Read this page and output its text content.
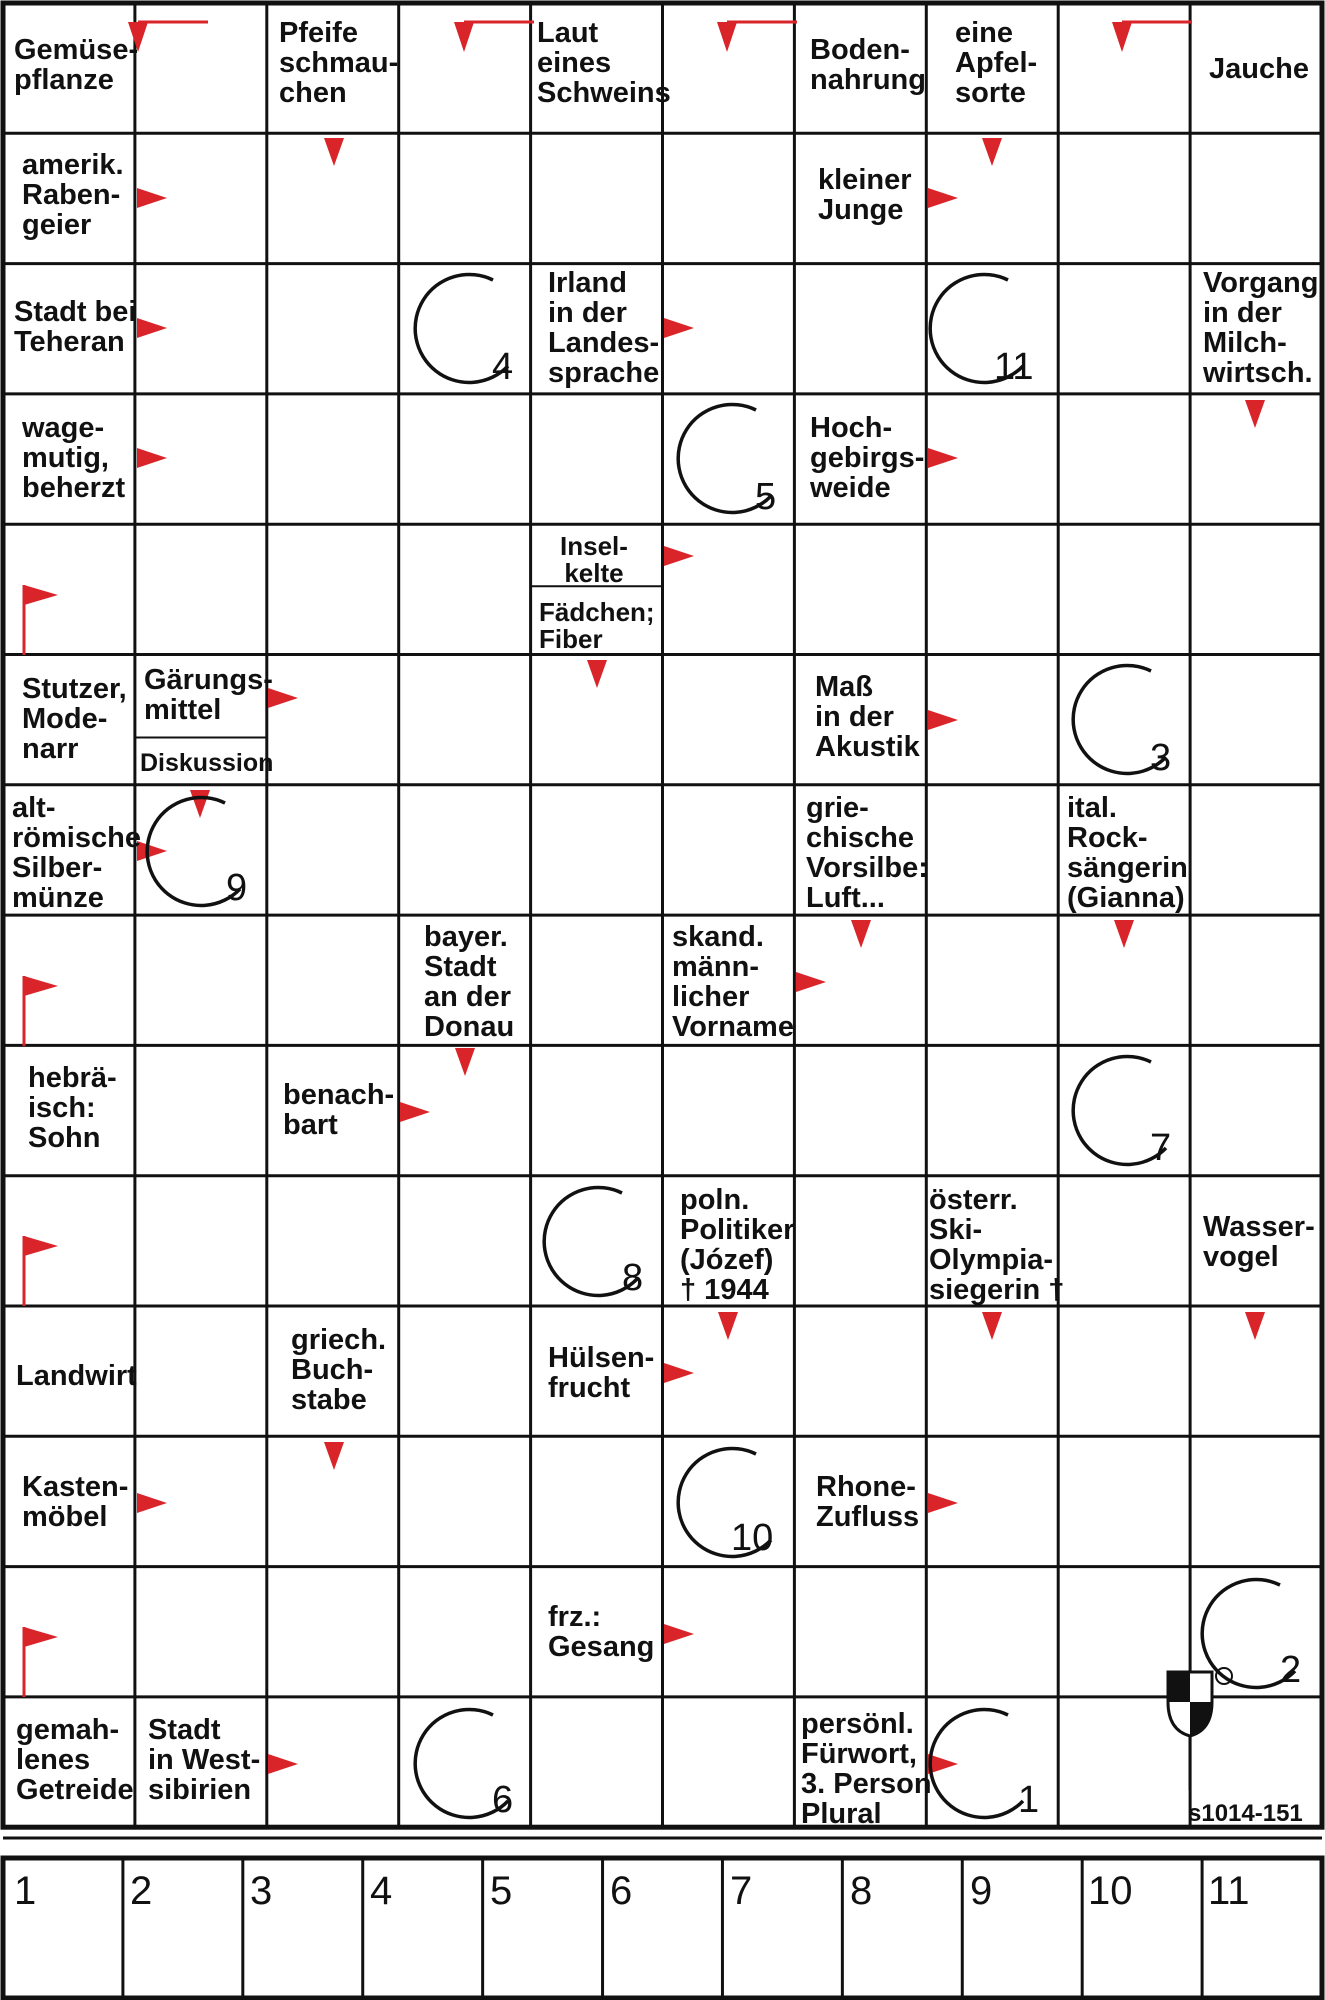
Gemüse-
pflanze
Pfeife
schmau-
chen
Laut
eines
Schweins
Boden-
nahrung
eine
Apfel-
sorte
Jauche
amerik.
Raben-
geier
kleiner
Junge
Stadt bei
Teheran
Irland
in der
Landes-
sprache
Vorgang
in der
Milch-
wirtsch.
wage-
mutig,
beherzt
Hoch-
gebirgs-
weide
Insel-
kelte
Fädchen;
Fiber
Stutzer,
Mode-
narr
Gärungs-
mittel
Diskussion
Maß
in der
Akustik
alt-
römische
Silber-
münze
grie-
chische
Vorsilbe:
Luft...
ital.
Rock-
sängerin
(Gianna)
bayer.
Stadt
an der
Donau
skand.
männ-
licher
Vorname
hebrä-
isch:
Sohn
benach-
bart
poln.
Politiker
(Józef)
† 1944
österr.
Ski-
Olympia-
siegerin †
Wasser-
vogel
Landwirt
griech.
Buch-
stabe
Hülsen-
frucht
Kasten-
möbel
Rhone-
Zufluss
frz.:
Gesang
gemah-
lenes
Getreide
Stadt
in West-
sibirien
persönl.
Fürwort,
3. Person
Plural
4	11
5
3
9
7
8
10
2
6	1	s1014-151
1 2 3 4 5 6 7 8 9 10 11
